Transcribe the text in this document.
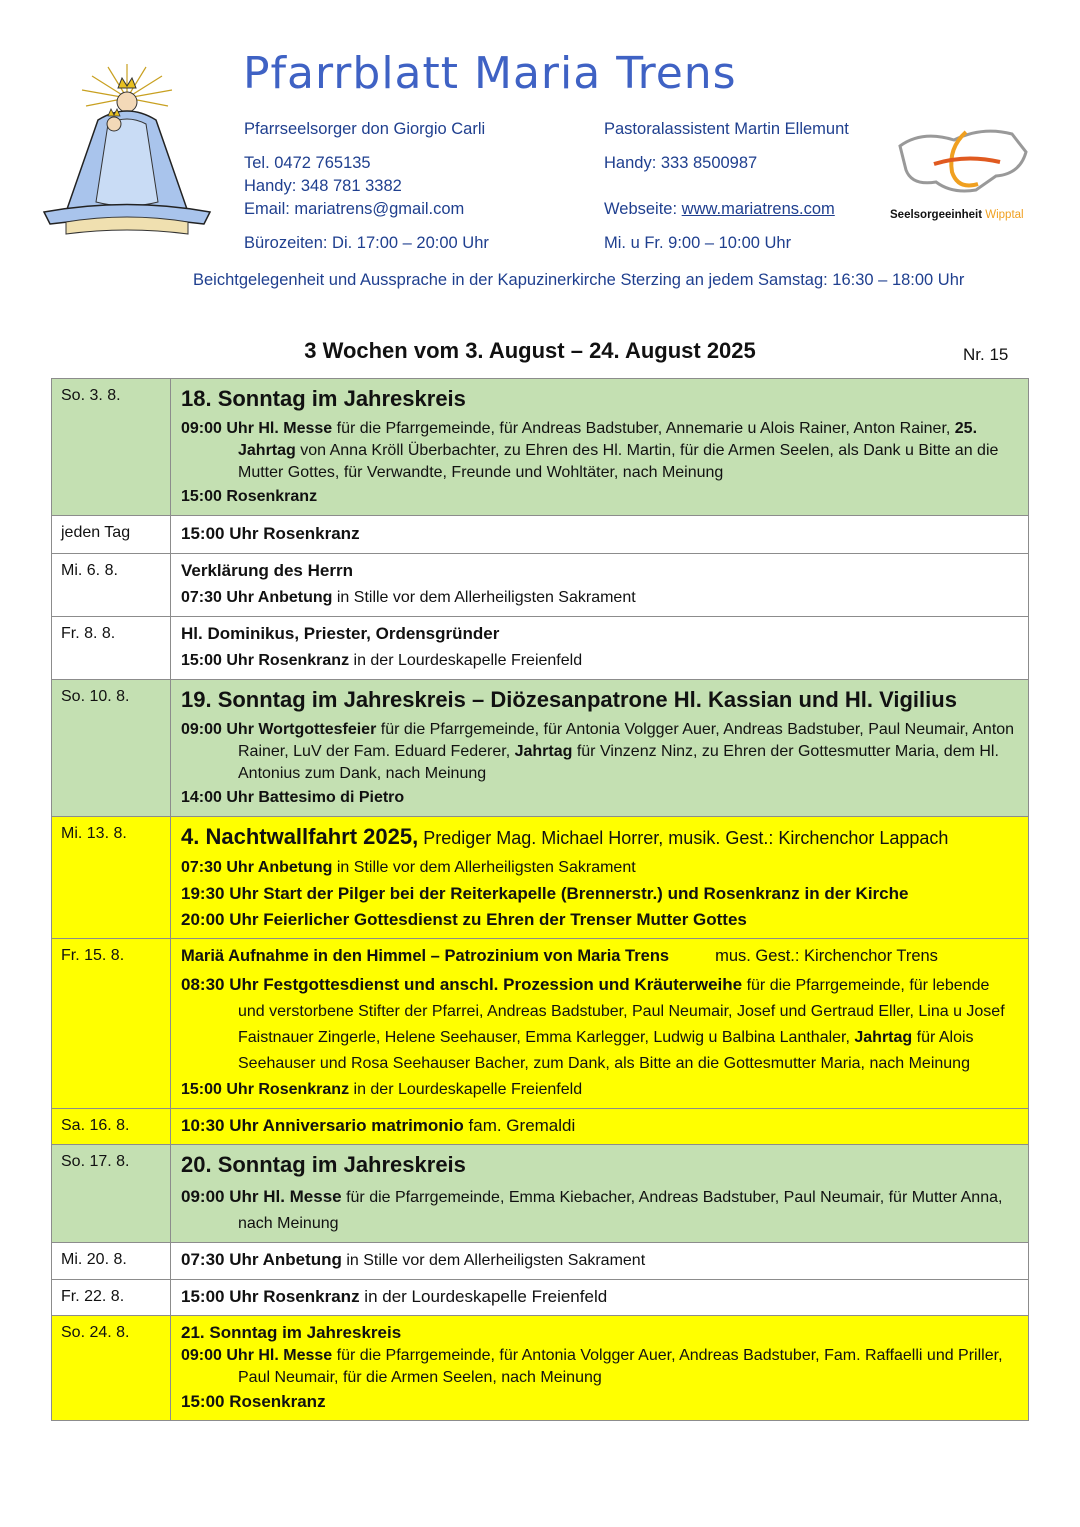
Pfarrblatt Maria Trens
Pfarrseelsorger don Giorgio Carli
Tel. 0472 765135
Handy: 348 781 3382
Email: mariatrens@gmail.com
Bürozeiten: Di. 17:00 – 20:00 Uhr
Pastoralassistent Martin Ellemunt
Handy: 333 8500987
Webseite: www.mariatrens.com
Mi. u Fr. 9:00 – 10:00 Uhr
Seelsorgeeinheit Wipptal
Beichtgelegenheit und Aussprache in der Kapuzinerkirche Sterzing an jedem Samstag: 16:30 – 18:00 Uhr
3 Wochen vom 3. August – 24. August 2025	Nr. 15
So. 3. 8.	18. Sonntag im Jahreskreis
09:00 Uhr Hl. Messe für die Pfarrgemeinde, für Andreas Badstuber, Annemarie u Alois Rainer, Anton Rainer, 25. Jahrtag von Anna Kröll Überbachter, zu Ehren des Hl. Martin, für die Armen Seelen, als Dank u Bitte an die Mutter Gottes, für Verwandte, Freunde und Wohltäter, nach Meinung
15:00 Rosenkranz

jeden Tag	15:00 Uhr Rosenkranz

Mi. 6. 8.	Verklärung des Herrn
07:30 Uhr Anbetung in Stille vor dem Allerheiligsten Sakrament

Fr. 8. 8.	Hl. Dominikus, Priester, Ordensgründer
15:00 Uhr Rosenkranz in der Lourdeskapelle Freienfeld

So. 10. 8.	19. Sonntag im Jahreskreis – Diözesanpatrone Hl. Kassian und Hl. Vigilius
09:00 Uhr Wortgottesfeier für die Pfarrgemeinde, für Antonia Volgger Auer, Andreas Badstuber, Paul Neumair, Anton Rainer, LuV der Fam. Eduard Federer, Jahrtag für Vinzenz Ninz, zu Ehren der Gottesmutter Maria, dem Hl. Antonius zum Dank, nach Meinung
14:00 Uhr Battesimo di Pietro

Mi. 13. 8.	4. Nachtwallfahrt 2025, Prediger Mag. Michael Horrer, musik. Gest.: Kirchenchor Lappach
07:30 Uhr Anbetung in Stille vor dem Allerheiligsten Sakrament
19:30 Uhr Start der Pilger bei der Reiterkapelle (Brennerstr.) und Rosenkranz in der Kirche
20:00 Uhr Feierlicher Gottesdienst zu Ehren der Trenser Mutter Gottes

Fr. 15. 8.	Mariä Aufnahme in den Himmel – Patrozinium von Maria Trens mus. Gest.: Kirchenchor Trens
08:30 Uhr Festgottesdienst und anschl. Prozession und Kräuterweihe für die Pfarrgemeinde, für lebende und verstorbene Stifter der Pfarrei, Andreas Badstuber, Paul Neumair, Josef und Gertraud Eller, Lina u Josef Faistnauer Zingerle, Helene Seehauser, Emma Karlegger, Ludwig u Balbina Lanthaler, Jahrtag für Alois Seehauser und Rosa Seehauser Bacher, zum Dank, als Bitte an die Gottesmutter Maria, nach Meinung
15:00 Uhr Rosenkranz in der Lourdeskapelle Freienfeld

Sa. 16. 8.	10:30 Uhr Anniversario matrimonio fam. Gremaldi

So. 17. 8.	20. Sonntag im Jahreskreis
09:00 Uhr Hl. Messe für die Pfarrgemeinde, Emma Kiebacher, Andreas Badstuber, Paul Neumair, für Mutter Anna, nach Meinung

Mi. 20. 8.	07:30 Uhr Anbetung in Stille vor dem Allerheiligsten Sakrament

Fr. 22. 8.	15:00 Uhr Rosenkranz in der Lourdeskapelle Freienfeld

So. 24. 8.	21. Sonntag im Jahreskreis
09:00 Uhr Hl. Messe für die Pfarrgemeinde, für Antonia Volgger Auer, Andreas Badstuber, Fam. Raffaelli und Priller, Paul Neumair, für die Armen Seelen, nach Meinung
15:00 Rosenkranz
